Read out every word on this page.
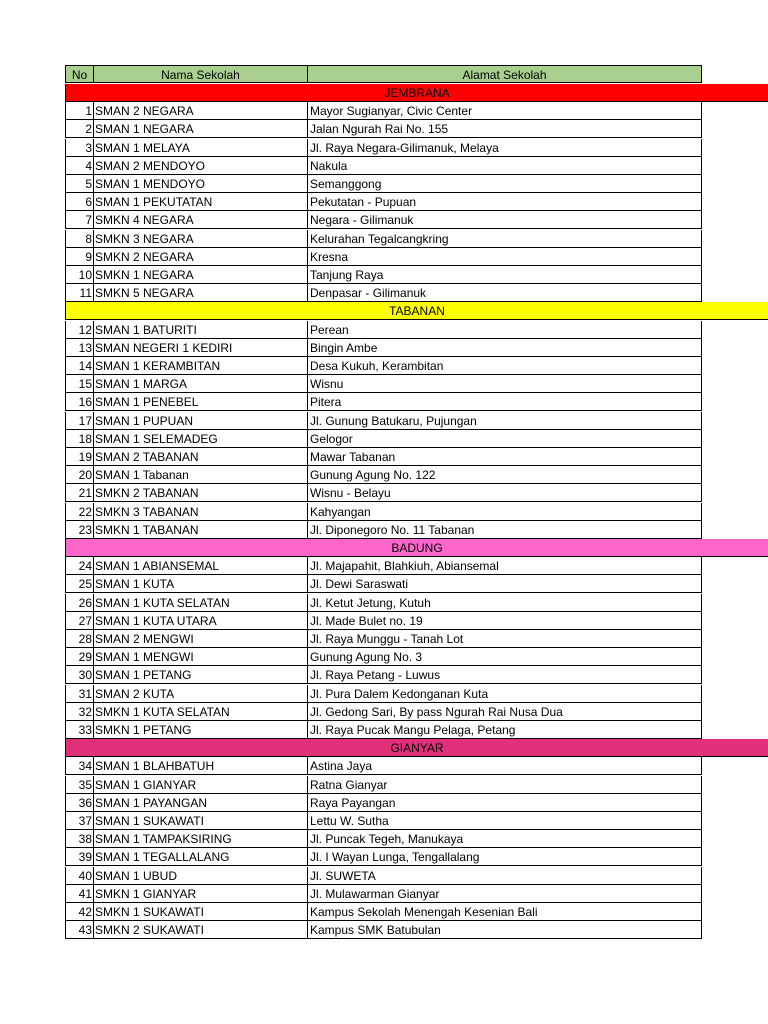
No	Nama Sekolah	Alamat Sekolah
JEMBRANA
1 SMAN 2 NEGARA	Mayor Sugianyar, Civic Center
2 SMAN 1 NEGARA	Jalan Ngurah Rai No. 155
3 SMAN 1 MELAYA	Jl. Raya Negara-Gilimanuk, Melaya
4 SMAN 2 MENDOYO	Nakula
5 SMAN 1 MENDOYO	Semanggong
6 SMAN 1 PEKUTATAN	Pekutatan - Pupuan
7 SMKN 4 NEGARA	Negara - Gilimanuk
8 SMKN 3 NEGARA	Kelurahan Tegalcangkring
9 SMKN 2 NEGARA	Kresna
10 SMKN 1 NEGARA	Tanjung Raya
11 SMKN 5 NEGARA	Denpasar - Gilimanuk
TABANAN
12 SMAN 1 BATURITI	Perean
13 SMAN NEGERI 1 KEDIRI	Bingin Ambe
14 SMAN 1 KERAMBITAN	Desa Kukuh, Kerambitan
15 SMAN 1 MARGA	Wisnu
16 SMAN 1 PENEBEL	Pitera
17 SMAN 1 PUPUAN	Jl. Gunung Batukaru, Pujungan
18 SMAN 1 SELEMADEG	Gelogor
19 SMAN 2 TABANAN	Mawar Tabanan
20 SMAN 1 Tabanan	Gunung Agung No. 122
21 SMKN 2 TABANAN	Wisnu - Belayu
22 SMKN 3 TABANAN	Kahyangan
23 SMKN 1 TABANAN	Jl. Diponegoro No. 11 Tabanan
BADUNG
24 SMAN 1 ABIANSEMAL	Jl. Majapahit, Blahkiuh, Abiansemal
25 SMAN 1 KUTA	Jl. Dewi Saraswati
26 SMAN 1 KUTA SELATAN	Jl. Ketut Jetung, Kutuh
27 SMAN 1 KUTA UTARA	Jl. Made Bulet no. 19
28 SMAN 2 MENGWI	Jl. Raya Munggu - Tanah Lot
29 SMAN 1 MENGWI	Gunung Agung No. 3
30 SMAN 1 PETANG	Jl. Raya Petang - Luwus
31 SMAN 2 KUTA	Jl. Pura Dalem Kedonganan Kuta
32 SMKN 1 KUTA SELATAN	Jl. Gedong Sari, By pass Ngurah Rai Nusa Dua
33 SMKN 1 PETANG	Jl. Raya Pucak Mangu Pelaga, Petang
GIANYAR
34 SMAN 1 BLAHBATUH	Astina Jaya
35 SMAN 1 GIANYAR	Ratna Gianyar
36 SMAN 1 PAYANGAN	Raya Payangan
37 SMAN 1 SUKAWATI	Lettu W. Sutha
38 SMAN 1 TAMPAKSIRING	Jl. Puncak Tegeh, Manukaya
39 SMAN 1 TEGALLALANG	Jl. I Wayan Lunga, Tengallalang
40 SMAN 1 UBUD	Jl. SUWETA
41 SMKN 1 GIANYAR	Jl. Mulawarman Gianyar
42 SMKN 1 SUKAWATI	Kampus Sekolah Menengah Kesenian Bali
43 SMKN 2 SUKAWATI	Kampus SMK Batubulan
